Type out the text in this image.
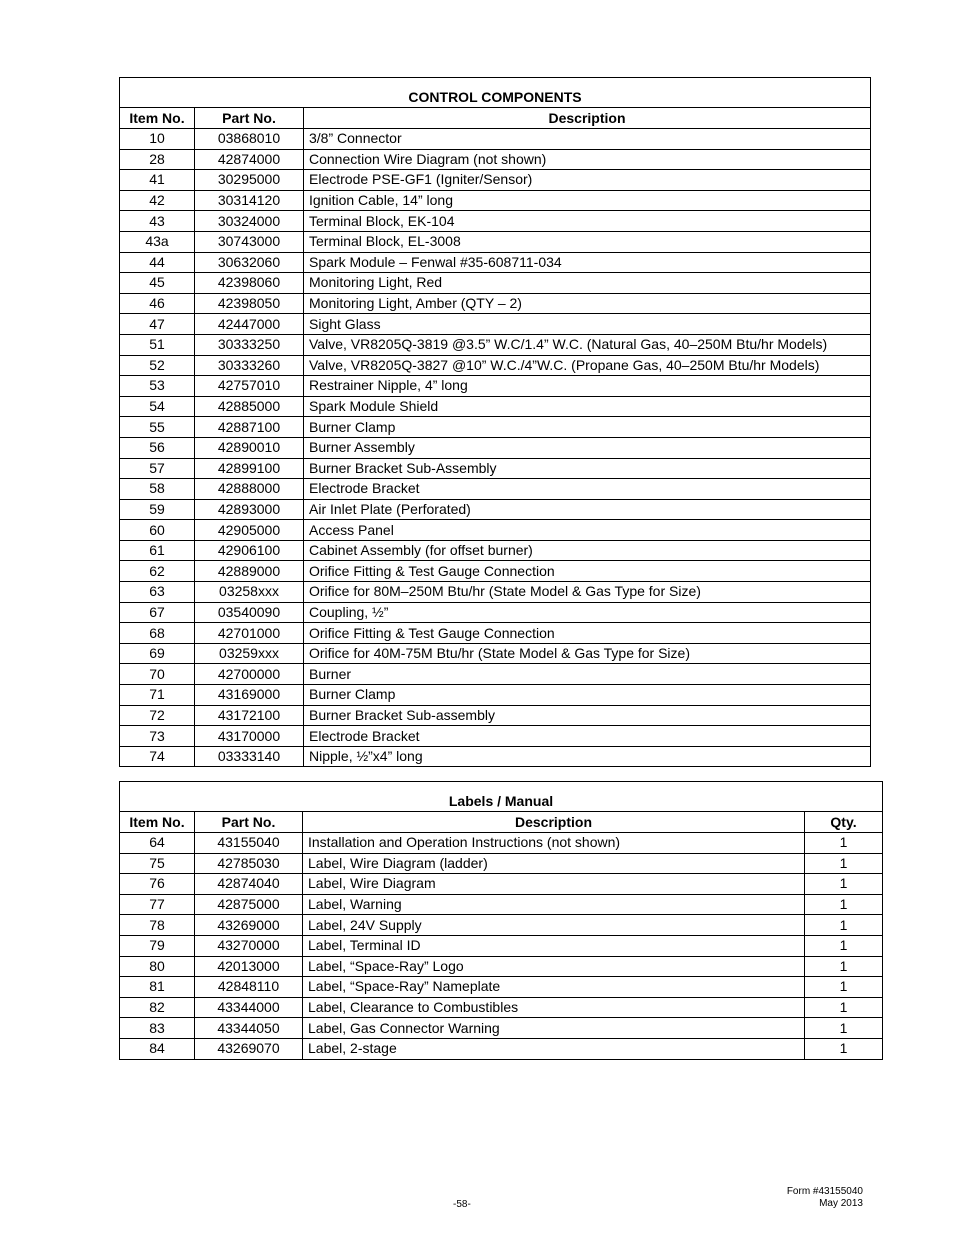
CONTROL COMPONENTS		
Item No.	Part No.	Description
10	03868010	3/8” Connector
28	42874000	Connection Wire Diagram (not shown)
41	30295000	Electrode PSE-GF1 (Igniter/Sensor)
42	30314120	Ignition Cable, 14” long
43	30324000	Terminal Block, EK-104
43a	30743000	Terminal Block, EL-3008
44	30632060	Spark Module – Fenwal #35-608711-034
45	42398060	Monitoring Light, Red
46	42398050	Monitoring Light, Amber (QTY – 2)
47	42447000	Sight Glass
51	30333250	Valve, VR8205Q-3819 @3.5” W.C/1.4” W.C. (Natural Gas, 40–250M Btu/hr Models)
52	30333260	Valve, VR8205Q-3827 @10” W.C./4”W.C. (Propane Gas, 40–250M Btu/hr Models)
53	42757010	Restrainer Nipple, 4” long
54	42885000	Spark Module Shield
55	42887100	Burner Clamp
56	42890010	Burner Assembly
57	42899100	Burner Bracket Sub-Assembly
58	42888000	Electrode Bracket
59	42893000	Air Inlet Plate (Perforated)
60	42905000	Access Panel
61	42906100	Cabinet Assembly (for offset burner)
62	42889000	Orifice Fitting & Test Gauge Connection
63	03258xxx	Orifice for 80M–250M Btu/hr (State Model & Gas Type for Size)
67	03540090	Coupling, ½”
68	42701000	Orifice Fitting & Test Gauge Connection
69	03259xxx	Orifice for 40M-75M Btu/hr (State Model & Gas Type for Size)
70	42700000	Burner
71	43169000	Burner Clamp
72	43172100	Burner Bracket Sub-assembly
73	43170000	Electrode Bracket
74	03333140	Nipple, ½”x4” long
Labels / Manual			
Item No.	Part No.	Description	Qty.
64	43155040	Installation and Operation Instructions (not shown)	1
75	42785030	Label, Wire Diagram (ladder)	1
76	42874040	Label, Wire Diagram	1
77	42875000	Label, Warning	1
78	43269000	Label, 24V Supply	1
79	43270000	Label, Terminal ID	1
80	42013000	Label, “Space-Ray” Logo	1
81	42848110	Label, “Space-Ray” Nameplate	1
82	43344000	Label, Clearance to Combustibles	1
83	43344050	Label, Gas Connector Warning	1
84	43269070	Label, 2-stage	1
-58-
Form #43155040
May 2013
